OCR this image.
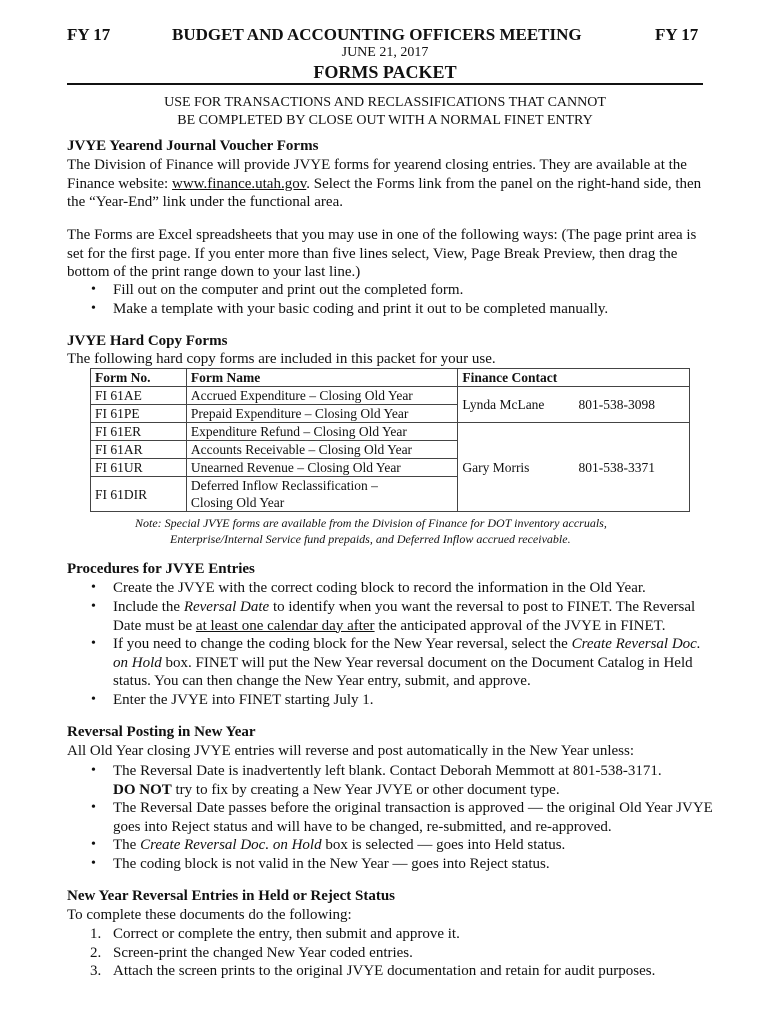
FY 17	BUDGET AND ACCOUNTING OFFICERS MEETING	FY 17
JUNE 21, 2017
FORMS PACKET
USE FOR TRANSACTIONS AND RECLASSIFICATIONS THAT CANNOT
BE COMPLETED BY CLOSE OUT WITH A NORMAL FINET ENTRY
JVYE Yearend Journal Voucher Forms
The Division of Finance will provide JVYE forms for yearend closing entries. They are available at the Finance website: www.finance.utah.gov. Select the Forms link from the panel on the right-hand side, then the “Year-End” link under the functional area.
The Forms are Excel spreadsheets that you may use in one of the following ways: (The page print area is set for the first page. If you enter more than five lines select, View, Page Break Preview, then drag the bottom of the print range down to your last line.)
• Fill out on the computer and print out the completed form.
• Make a template with your basic coding and print it out to be completed manually.
JVYE Hard Copy Forms
The following hard copy forms are included in this packet for your use.
Form No.	Form Name	Finance Contact
FI 61AE	Accrued Expenditure – Closing Old Year	Lynda McLane 801-538-3098

FI 61PE	Prepaid Expenditure – Closing Old Year	
FI 61ER	Expenditure Refund – Closing Old Year	Gary Morris 801-538-3371

FI 61AR	Accounts Receivable – Closing Old Year	
FI 61UR	Unearned Revenue – Closing Old Year	
FI 61DIR	Deferred Inflow Reclassification –	
	Closing Old Year	
Note: Special JVYE forms are available from the Division of Finance for DOT inventory accruals,
Enterprise/Internal Service fund prepaids, and Deferred Inflow accrued receivable.
Procedures for JVYE Entries
• Create the JVYE with the correct coding block to record the information in the Old Year.
• Include the Reversal Date to identify when you want the reversal to post to FINET. The Reversal Date must be at least one calendar day after the anticipated approval of the JVYE in FINET.
• If you need to change the coding block for the New Year reversal, select the Create Reversal Doc. on Hold box. FINET will put the New Year reversal document on the Document Catalog in Held status. You can then change the New Year entry, submit, and approve.
• Enter the JVYE into FINET starting July 1.
Reversal Posting in New Year
All Old Year closing JVYE entries will reverse and post automatically in the New Year unless:
• The Reversal Date is inadvertently left blank. Contact Deborah Memmott at 801-538-3171.
DO NOT try to fix by creating a New Year JVYE or other document type.
• The Reversal Date passes before the original transaction is approved — the original Old Year JVYE goes into Reject status and will have to be changed, re-submitted, and re-approved.
• The Create Reversal Doc. on Hold box is selected — goes into Held status.
• The coding block is not valid in the New Year — goes into Reject status.
New Year Reversal Entries in Held or Reject Status
To complete these documents do the following:
1. Correct or complete the entry, then submit and approve it.
2. Screen-print the changed New Year coded entries.
3. Attach the screen prints to the original JVYE documentation and retain for audit purposes.
